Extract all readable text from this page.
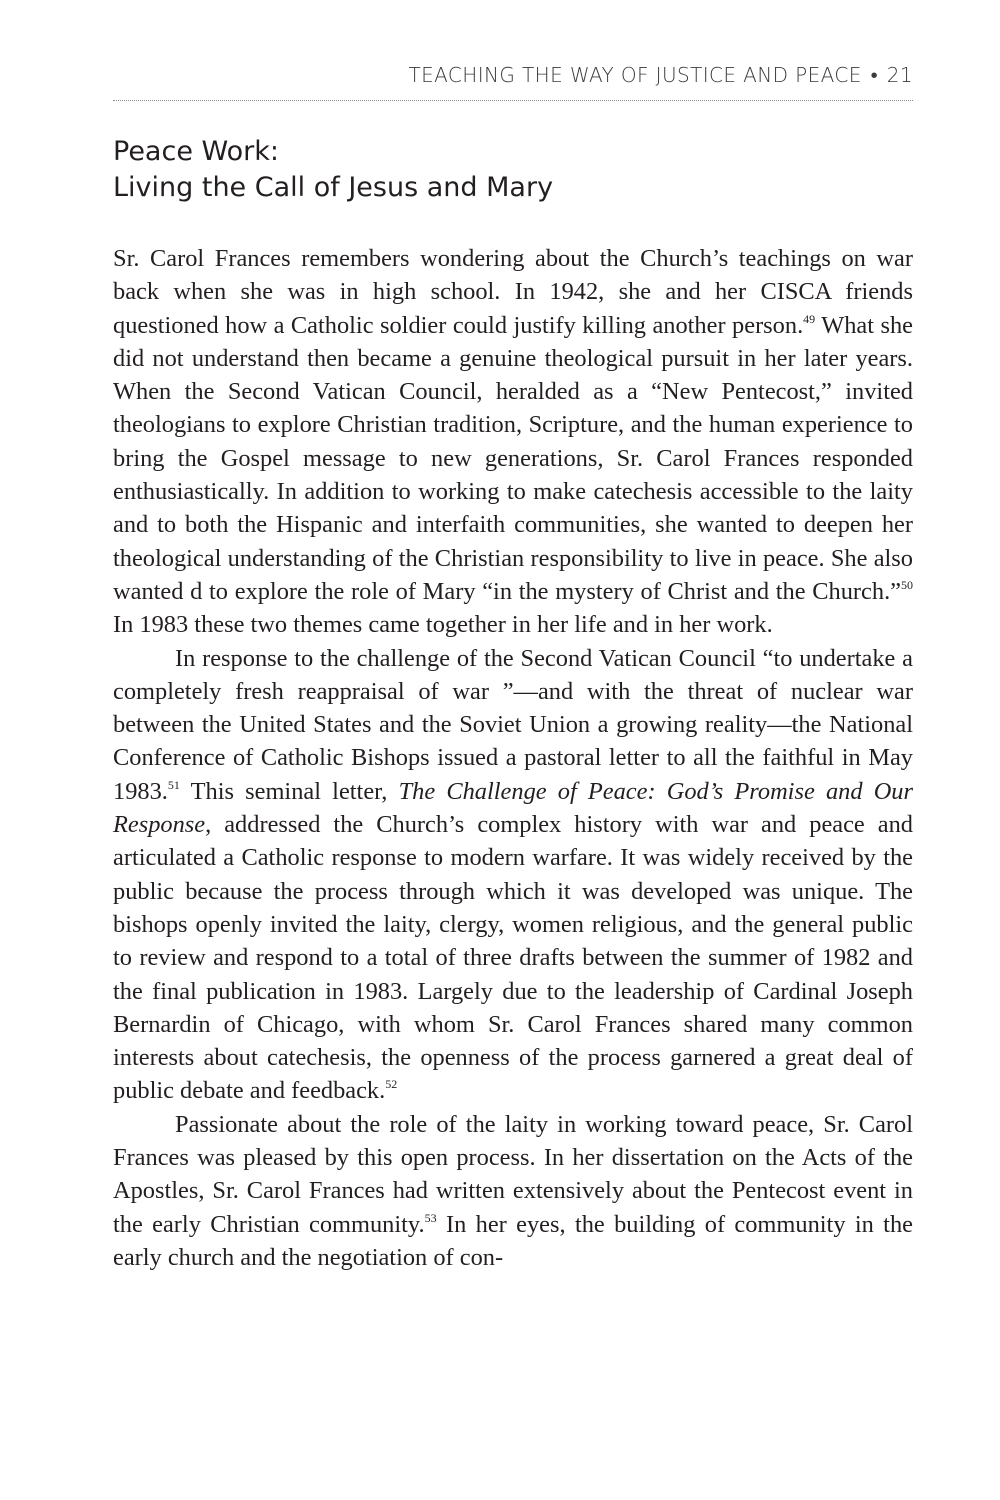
TEACHING THE WAY OF JUSTICE AND PEACE • 21
Peace Work:
Living the Call of Jesus and Mary

Sr. Carol Frances remembers wondering about the Church’s teachings on war back when she was in high school. In 1942, she and her CISCA friends questioned how a Catholic soldier could justify killing another person.$^{49}$ What she did not understand then became a genuine theological pursuit in her later years. When the Second Vatican Council, heralded as a “New Pentecost,” invited theologians to explore Christian tradition, Scripture, and the human experience to bring the Gospel message to new generations, Sr. Carol Frances responded enthusiastically. In addition to working to make catechesis accessible to the laity and to both the Hispanic and interfaith communities, she wanted to deepen her theological understanding of the Christian responsibility to live in peace. She also wanted d to explore the role of Mary “in the mystery of Christ and the Church.”$^{50}$ In 1983 these two themes came together in her life and in her work.

In response to the challenge of the Second Vatican Council “to undertake a completely fresh reappraisal of war ”—and with the threat of nuclear war between the United States and the Soviet Union a growing reality—the National Conference of Catholic Bishops issued a pastoral letter to all the faithful in May 1983.51 This seminal letter, The Challenge of Peace: God’s Promise and Our Response, addressed the Church’s complex history with war and peace and articulated a Catholic response to modern warfare. It was widely received by the public because the process through which it was developed was unique. The bishops openly invited the laity, clergy, women religious, and the general public to review and respond to a total of three drafts between the summer of 1982 and the final publication in 1983. Largely due to the leadership of Cardinal Joseph Bernardin of Chicago, with whom Sr. Carol Frances shared many common interests about catechesis, the openness of the process garnered a great deal of public debate and feedback.$^{52}$

Passionate about the role of the laity in working toward peace, Sr. Carol Frances was pleased by this open process. In her dissertation on the Acts of the Apostles, Sr. Carol Frances had written extensively about the Pentecost event in the early Christian community.$^{53}$ In her eyes, the building of community in the early church and the negotiation of con-
